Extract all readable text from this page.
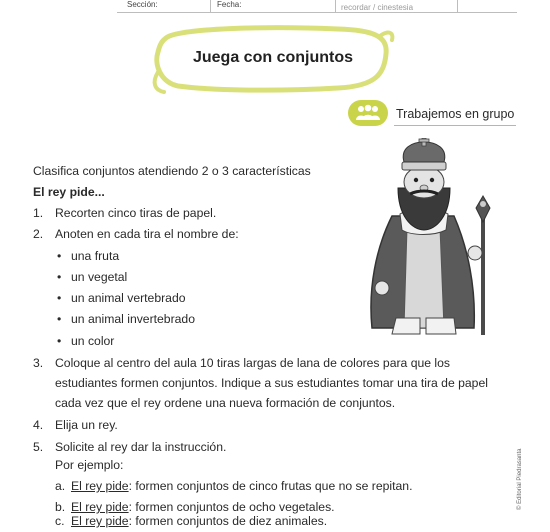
Sección:	Fecha:	recordar / cinestesia
Juega con conjuntos
Trabajemos en grupo
Clasifica conjuntos atendiendo 2 o 3 características
El rey pide...
1. Recorten cinco tiras de papel.
2. Anoten en cada tira el nombre de:
• una fruta
• un vegetal
• un animal vertebrado
• un animal invertebrado
• un color
3. Coloque al centro del aula 10 tiras largas de lana de colores para que los
estudiantes formen conjuntos. Indique a sus estudiantes tomar una tira de papel
cada vez que el rey ordene una nueva formación de conjuntos.
4. Elija un rey.
5. Solicite al rey dar la instrucción.
Por ejemplo:
a. El rey pide: formen conjuntos de cinco frutas que no se repitan.
b. El rey pide: formen conjuntos de ocho vegetales.
c. El rey pide: formen conjuntos de diez animales.
© Editorial Piedrasanta
